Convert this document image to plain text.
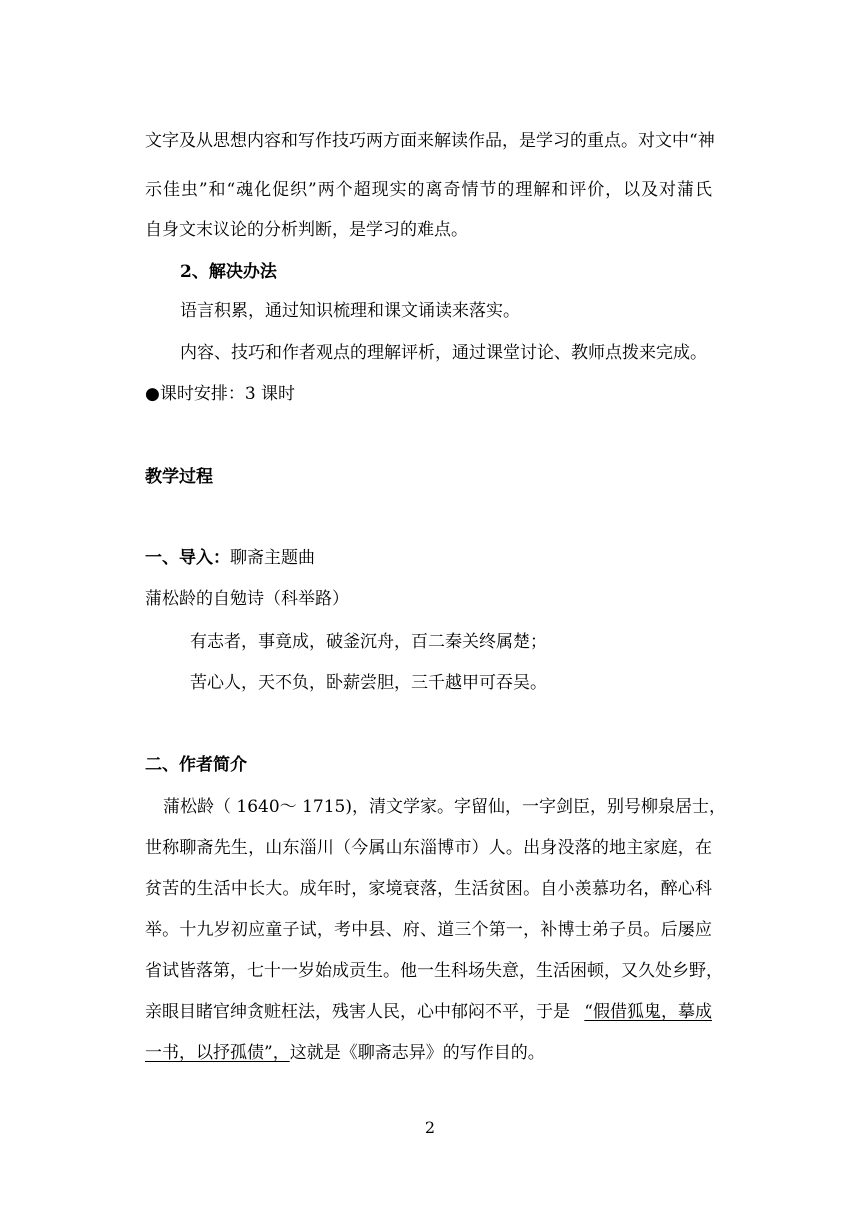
文字及从思想内容和写作技巧两方面来解读作品，是学习的重点。对文中“神
示佳虫”和“魂化促织”两个超现实的离奇情节的理解和评价，以及对蒲氏
自身文末议论的分析判断，是学习的难点。
2、解决办法
语言积累，通过知识梳理和课文诵读来落实。
内容、技巧和作者观点的理解评析，通过课堂讨论、教师点拨来完成。
●课时安排：3 课时
教学过程
一、导入：聊斋主题曲
蒲松龄的自勉诗（科举路）
有志者，事竟成，破釜沉舟，百二秦关终属楚；
苦心人，天不负，卧薪尝胆，三千越甲可吞吴。
二、作者简介
蒲松龄（ 1640～ 1715)，清文学家。字留仙，一字剑臣，别号柳泉居士，
世称聊斋先生，山东淄川（今属山东淄博市）人。出身没落的地主家庭，在
贫苦的生活中长大。成年时，家境衰落，生活贫困。自小羡慕功名，醉心科
举。十九岁初应童子试，考中县、府、道三个第一，补博士弟子员。后屡应
省试皆落第，七十一岁始成贡生。他一生科场失意，生活困顿，又久处乡野，
亲眼目睹官绅贪赃枉法，残害人民，心中郁闷不平，于是 “假借狐鬼，摹成
一书，以抒孤债”，这就是《聊斋志异》的写作目的。
2
